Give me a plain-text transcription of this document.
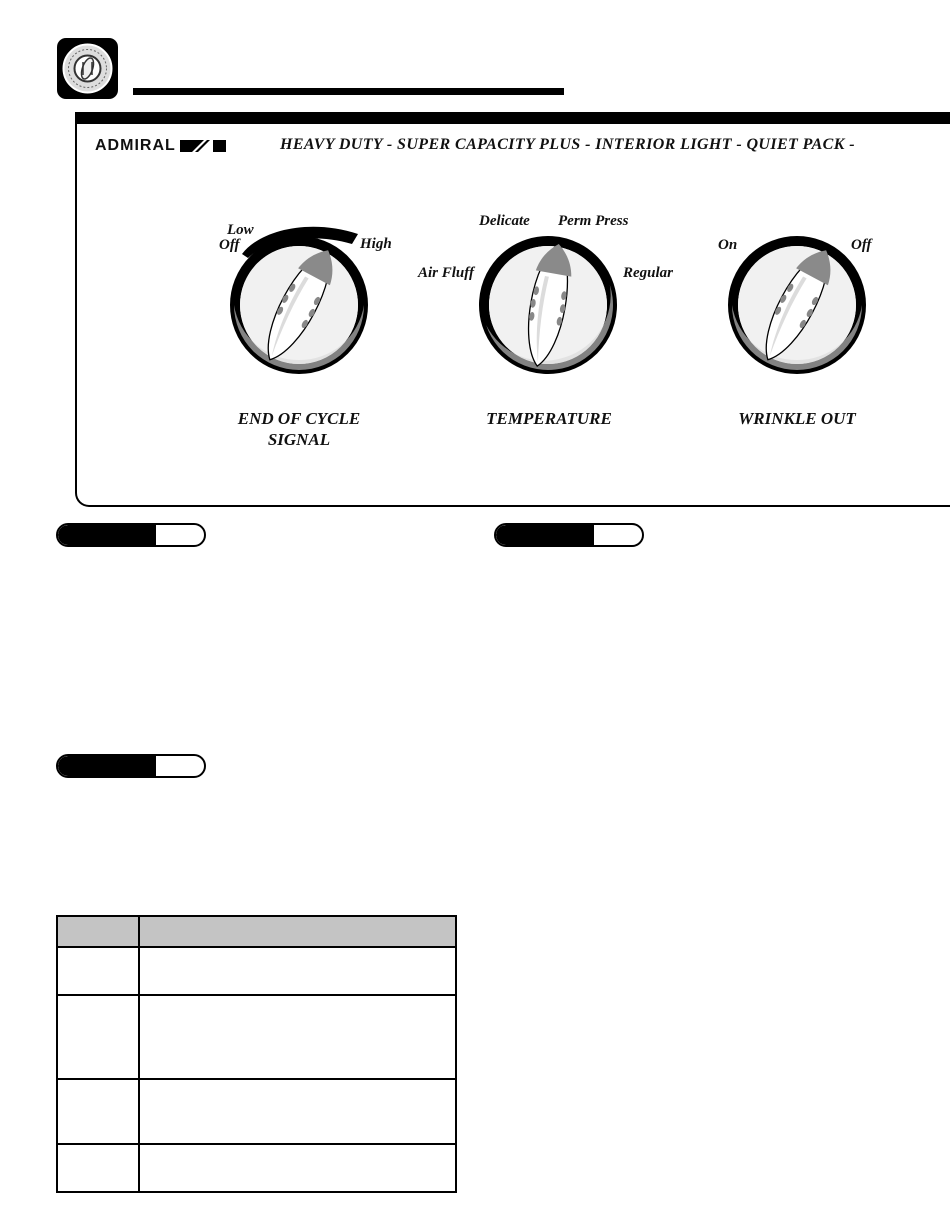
ADMIRAL	HEAVY DUTY - SUPER CAPACITY PLUS - INTERIOR LIGHT - QUIET PACK -
Low
Off	High
END OF CYCLE
SIGNAL
Delicate Perm Press
Air Fluff	Regular
TEMPERATURE
On	Off
WRINKLE OUT
